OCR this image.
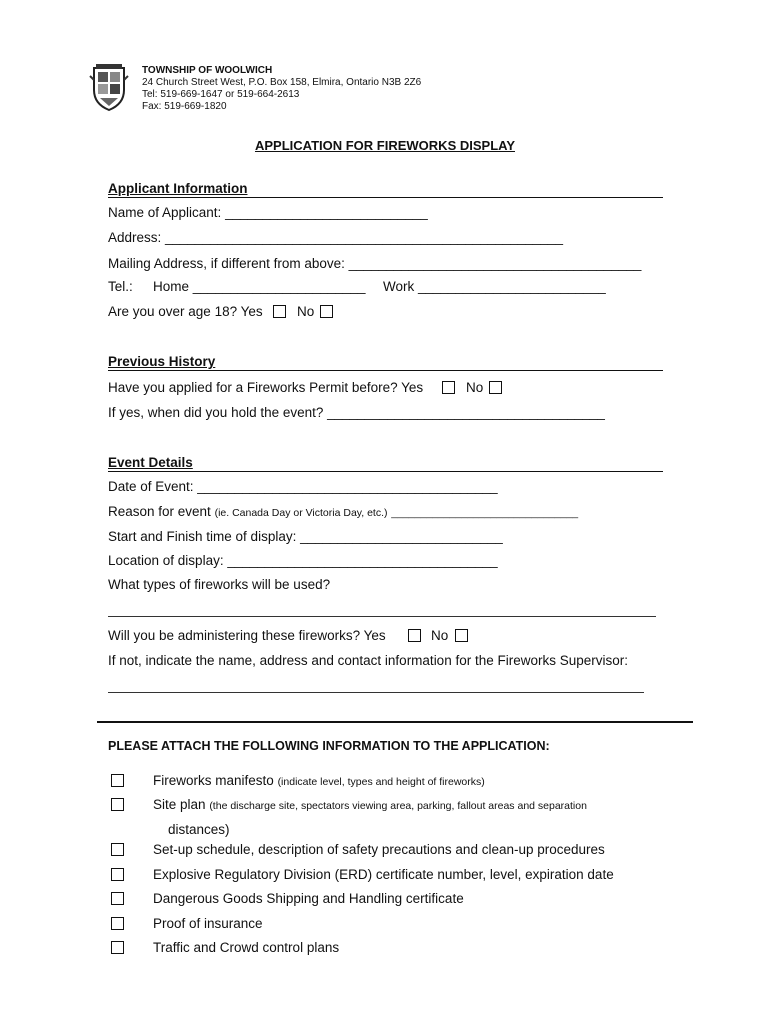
TOWNSHIP OF WOOLWICH
24 Church Street West, P.O. Box 158, Elmira, Ontario N3B 2Z6
Tel: 519-669-1647 or 519-664-2613
Fax: 519-669-1820
APPLICATION FOR FIREWORKS DISPLAY
Applicant Information
Name of Applicant: ___________________________
Address: _____________________________________________________
Mailing Address, if different from above: _______________________________________
Tel.: Home _______________________ Work _________________________
Are you over age 18? Yes	No
Previous History
Have you applied for a Fireworks Permit before? Yes	No
If yes, when did you hold the event? _____________________________________
Event Details
Date of Event: ________________________________________
Reason for event (ie. Canada Day or Victoria Day, etc.) ________________________________
Start and Finish time of display: ___________________________
Location of display: ____________________________________
What types of fireworks will be used?
Will you be administering these fireworks? Yes	No
If not, indicate the name, address and contact information for the Fireworks Supervisor:
PLEASE ATTACH THE FOLLOWING INFORMATION TO THE APPLICATION:
Fireworks manifesto (indicate level, types and height of fireworks)
Site plan (the discharge site, spectators viewing area, parking, fallout areas and separation
distances)
Set-up schedule, description of safety precautions and clean-up procedures
Explosive Regulatory Division (ERD) certificate number, level, expiration date
Dangerous Goods Shipping and Handling certificate
Proof of insurance
Traffic and Crowd control plans
